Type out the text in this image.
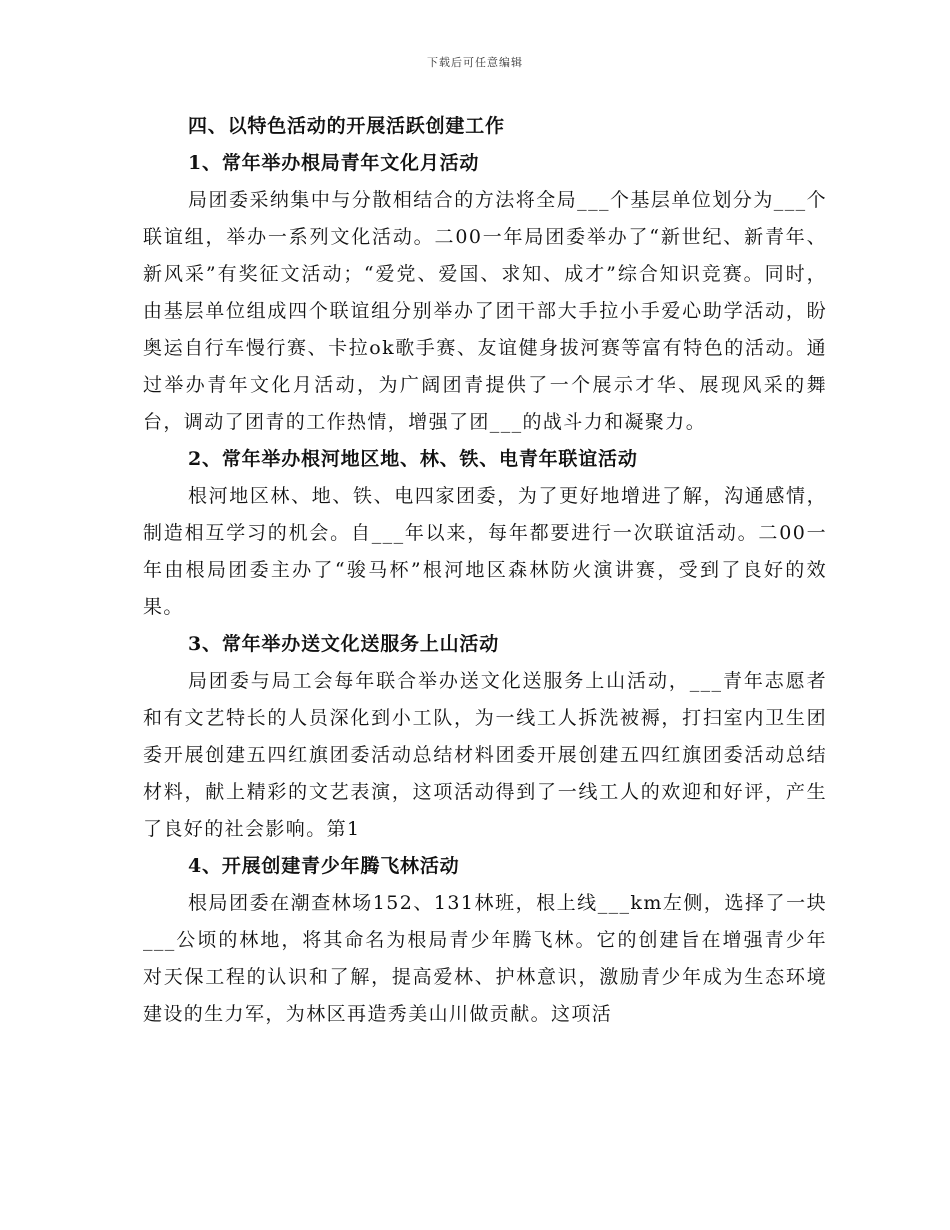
下载后可任意编辑
四、以特色活动的开展活跃创建工作
1、常年举办根局青年文化月活动
局团委采纳集中与分散相结合的方法将全局___个基层单位划分为___个联谊组，举办一系列文化活动。二00一年局团委举办了“新世纪、新青年、新风采”有奖征文活动；“爱党、爱国、求知、成才”综合知识竞赛。同时，由基层单位组成四个联谊组分别举办了团干部大手拉小手爱心助学活动，盼奥运自行车慢行赛、卡拉ok歌手赛、友谊健身拔河赛等富有特色的活动。通过举办青年文化月活动，为广阔团青提供了一个展示才华、展现风采的舞台，调动了团青的工作热情，增强了团___的战斗力和凝聚力。
2、常年举办根河地区地、林、铁、电青年联谊活动
根河地区林、地、铁、电四家团委，为了更好地增进了解，沟通感情，制造相互学习的机会。自___年以来，每年都要进行一次联谊活动。二00一年由根局团委主办了“骏马杯”根河地区森林防火演讲赛，受到了良好的效果。
3、常年举办送文化送服务上山活动
局团委与局工会每年联合举办送文化送服务上山活动，___青年志愿者和有文艺特长的人员深化到小工队，为一线工人拆洗被褥，打扫室内卫生团委开展创建五四红旗团委活动总结材料团委开展创建五四红旗团委活动总结材料，献上精彩的文艺表演，这项活动得到了一线工人的欢迎和好评，产生了良好的社会影响。第1
4、开展创建青少年腾飞林活动
根局团委在潮查林场152、131林班，根上线___km左侧，选择了一块___公顷的林地，将其命名为根局青少年腾飞林。它的创建旨在增强青少年对天保工程的认识和了解，提高爱林、护林意识，激励青少年成为生态环境建设的生力军，为林区再造秀美山川做贡献。这项活
